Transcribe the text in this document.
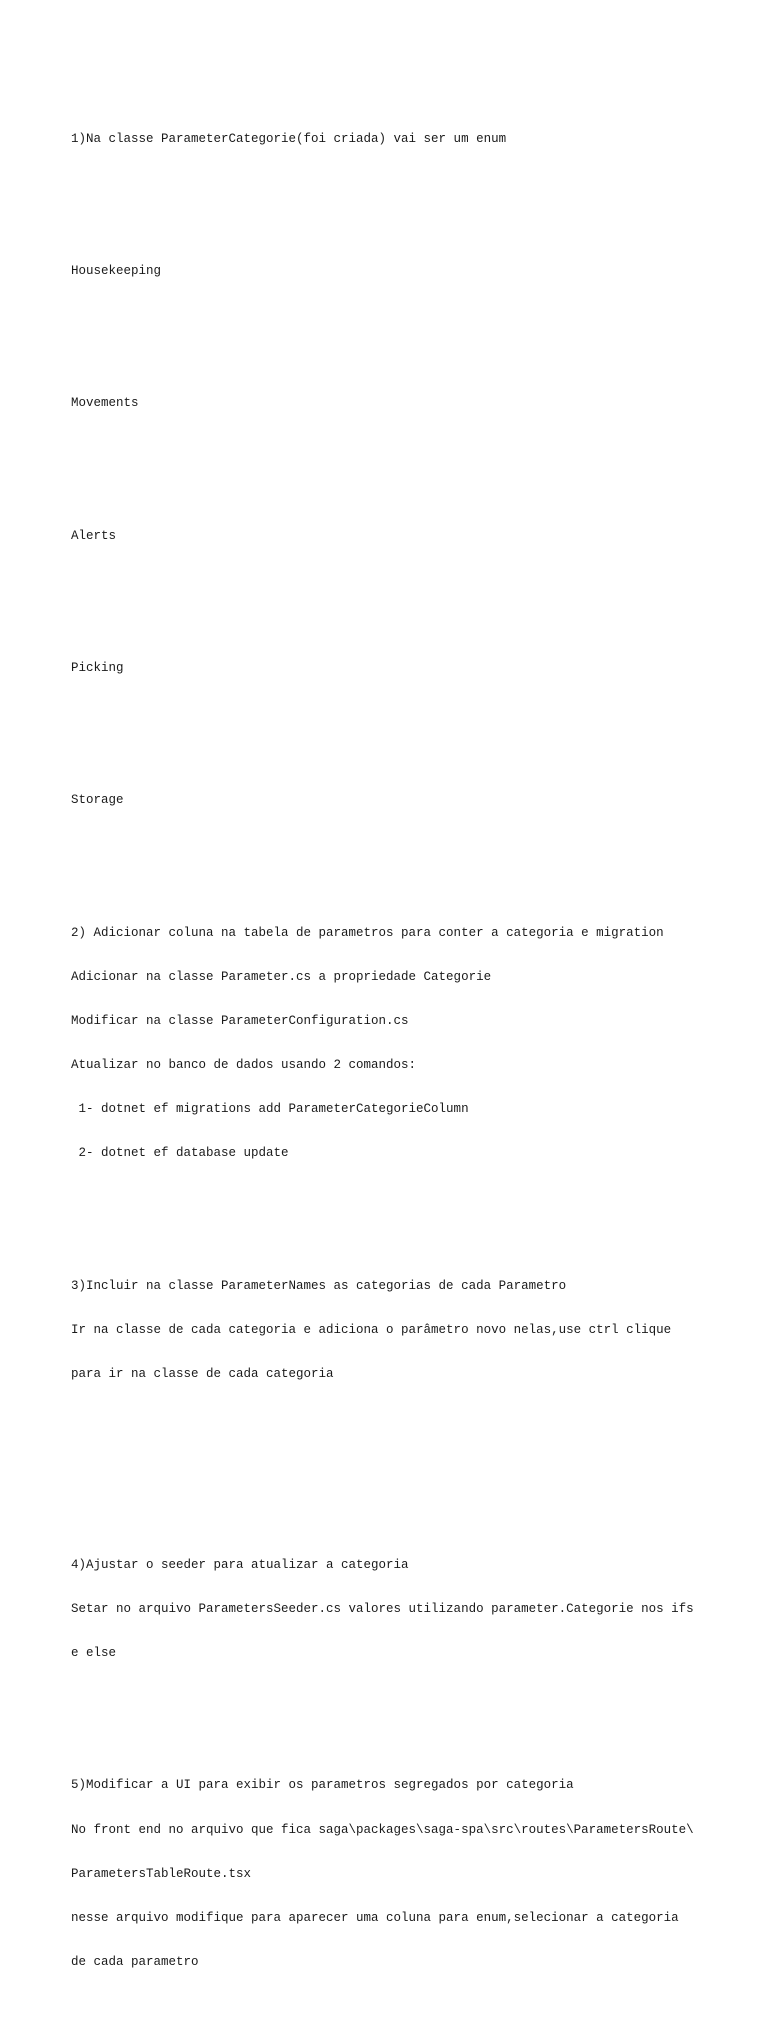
1)Na classe ParameterCategorie(foi criada) vai ser um enum

Housekeeping

Movements

Alerts

Picking

Storage

2) Adicionar coluna na tabela de parametros para conter a categoria e migration

Adicionar na classe Parameter.cs a propriedade Categorie

Modificar na classe ParameterConfiguration.cs

Atualizar no banco de dados usando 2 comandos:

1- dotnet ef migrations add ParameterCategorieColumn

2- dotnet ef database update

3)Incluir na classe ParameterNames as categorias de cada Parametro

Ir na classe de cada categoria e adiciona o parâmetro novo nelas,use ctrl clique

para ir na classe de cada categoria

4)Ajustar o seeder para atualizar a categoria

Setar no arquivo ParametersSeeder.cs valores utilizando parameter.Categorie nos ifs

e else

5)Modificar a UI para exibir os parametros segregados por categoria

No front end no arquivo que fica saga\packages\saga-spa\src\routes\ParametersRoute\

ParametersTableRoute.tsx

nesse arquivo modifique para aparecer uma coluna para enum,selecionar a categoria

de cada parametro
